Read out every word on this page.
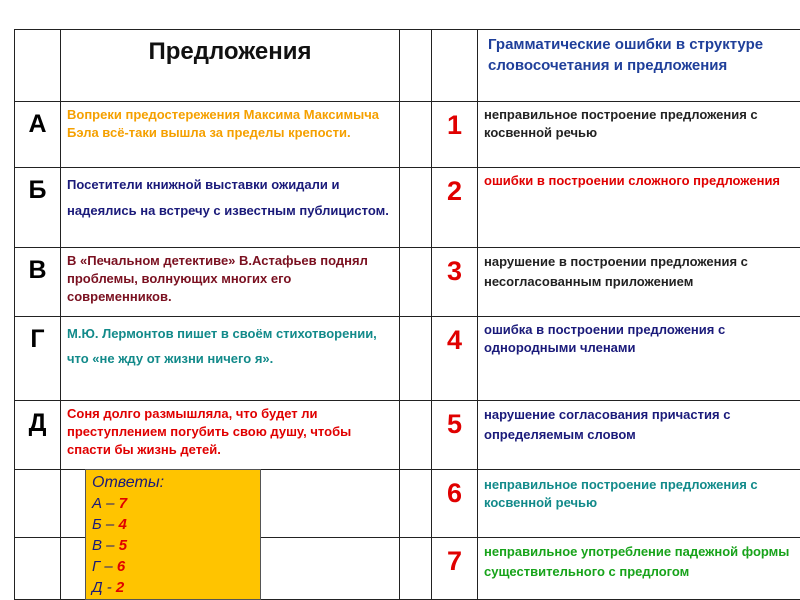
	Предложения			Грамматические ошибки в структуре словосочетания и предложения
А	Вопреки предостережения Максима Максимыча Бэла всё-таки вышла за пределы крепости.		1	неправильное построение предложения с косвенной речью
Б	Посетители книжной выставки ожидали и надеялись на встречу с известным публицистом.		2	ошибки в построении сложного предложения
В	В «Печальном детективе» В.Астафьев поднял проблемы, волнующих многих его современников.		3	нарушение в построении предложения с несогласованным приложением
Г	М.Ю. Лермонтов пишет в своём стихотворении, что «не жду от жизни ничего я».		4	ошибка в построении предложения с однородными членами
Д	Соня долго размышляла, что будет ли преступлением погубить свою душу, чтобы спасти бы жизнь детей.		5	нарушение согласования причастия с определяемым словом
			6	неправильное построение предложения с косвенной речью
			7	неправильное употребление падежной формы существительного с предлогом
Ответы:
А – 7
Б – 4
В – 5
Г – 6
Д - 2
